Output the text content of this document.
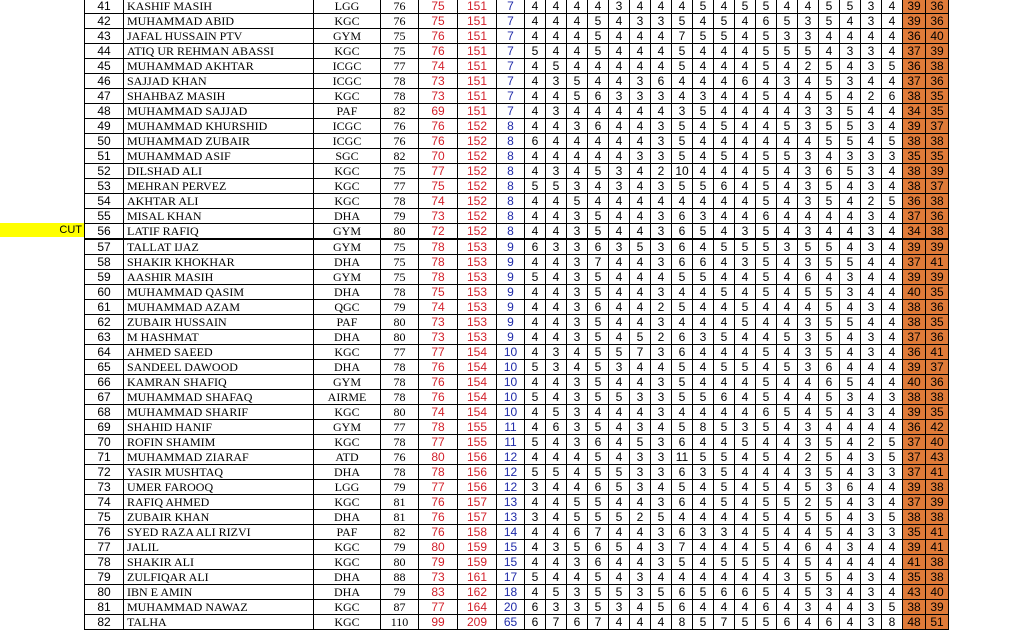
CUT
41	KASHIF MASIH	LGG	76	75	151	7	4	4	4	4	3	4	4	4	5	4	5	5	4	4	5	5	3	4	39	36
42	MUHAMMAD ABID	KGC	76	75	151	7	4	4	4	5	4	3	3	5	4	5	4	6	5	3	5	4	3	4	39	36
43	JAFAL HUSSAIN PTV	GYM	75	76	151	7	4	4	4	5	4	4	4	7	5	5	4	5	3	3	4	4	4	4	36	40
44	ATIQ UR REHMAN ABASSI	KGC	75	76	151	7	5	4	4	5	4	4	4	5	4	4	4	5	5	5	4	3	3	4	37	39
45	MUHAMMAD AKHTAR	ICGC	77	74	151	7	4	5	4	4	4	4	4	5	4	4	4	5	4	2	5	4	3	5	36	38
46	SAJJAD KHAN	ICGC	78	73	151	7	4	3	5	4	4	3	6	4	4	4	6	4	3	4	5	3	4	4	37	36
47	SHAHBAZ MASIH	KGC	78	73	151	7	4	4	5	6	3	3	3	4	3	4	4	5	4	4	5	4	2	6	38	35
48	MUHAMMAD SAJJAD	PAF	82	69	151	7	4	3	4	4	4	4	4	3	5	4	4	4	4	3	3	5	4	4	34	35
49	MUHAMMAD KHURSHID	ICGC	76	76	152	8	4	4	3	6	4	4	3	5	4	5	4	4	5	3	5	5	3	4	39	37
50	MUHAMMAD ZUBAIR	ICGC	76	76	152	8	6	4	4	4	4	4	3	5	4	4	4	4	4	4	5	5	4	5	38	38
51	MUHAMMAD ASIF	SGC	82	70	152	8	4	4	4	4	4	3	3	5	4	5	4	5	5	3	4	3	3	3	35	35
52	DILSHAD ALI	KGC	75	77	152	8	4	3	4	5	3	4	2	10	4	4	4	5	4	3	6	5	3	4	38	39
53	MEHRAN PERVEZ	KGC	77	75	152	8	5	5	3	4	3	4	3	5	5	6	4	5	4	3	5	4	3	4	38	37
54	AKHTAR ALI	KGC	78	74	152	8	4	4	5	4	4	4	4	4	4	4	4	5	4	3	5	4	2	5	36	38
55	MISAL KHAN	DHA	79	73	152	8	4	4	3	5	4	4	3	6	3	4	4	6	4	4	4	4	3	4	37	36
56	LATIF RAFIQ	GYM	80	72	152	8	4	4	3	5	4	4	3	6	5	4	3	5	4	3	4	4	3	4	34	38
57	TALLAT IJAZ	GYM	75	78	153	9	6	3	3	6	3	5	3	6	4	5	5	5	3	5	5	4	3	4	39	39
58	SHAKIR KHOKHAR	DHA	75	78	153	9	4	4	3	7	4	4	3	6	6	4	3	5	4	3	5	5	4	4	37	41
59	AASHIR MASIH	GYM	75	78	153	9	5	4	3	5	4	4	4	5	5	4	4	5	4	6	4	3	4	4	39	39
60	MUHAMMAD QASIM	DHA	78	75	153	9	4	4	3	5	4	4	3	4	4	5	4	5	4	5	5	3	4	4	40	35
61	MUHAMMAD AZAM	QGC	79	74	153	9	4	4	3	6	4	4	2	5	4	4	5	4	4	4	5	4	3	4	38	36
62	ZUBAIR HUSSAIN	PAF	80	73	153	9	4	4	3	5	4	4	3	4	4	4	5	4	4	3	5	5	4	4	38	35
63	M HASHMAT	DHA	80	73	153	9	4	4	3	5	4	5	2	6	3	5	4	4	5	3	5	4	3	4	37	36
64	AHMED SAEED	KGC	77	77	154	10	4	3	4	5	5	7	3	6	4	4	4	5	4	3	5	4	3	4	36	41
65	SANDEEL DAWOOD	DHA	78	76	154	10	5	3	4	5	3	4	4	5	4	5	5	4	5	3	6	4	4	4	39	37
66	KAMRAN SHAFIQ	GYM	78	76	154	10	4	4	3	5	4	4	3	5	4	4	4	5	4	4	6	5	4	4	40	36
67	MUHAMMAD SHAFAQ	AIRME	78	76	154	10	5	4	3	5	5	3	3	5	5	6	4	5	4	4	5	3	4	3	38	38
68	MUHAMMAD SHARIF	KGC	80	74	154	10	4	5	3	4	4	4	3	4	4	4	4	6	5	4	5	4	3	4	39	35
69	SHAHID HANIF	GYM	77	78	155	11	4	6	3	5	4	3	4	5	8	5	3	5	4	3	4	4	4	4	36	42
70	ROFIN SHAMIM	KGC	78	77	155	11	5	4	3	6	4	5	3	6	4	4	5	4	4	3	5	4	2	5	37	40
71	MUHAMMAD ZIARAF	ATD	76	80	156	12	4	4	4	5	4	3	3	11	5	5	4	5	4	2	5	4	3	5	37	43
72	YASIR MUSHTAQ	DHA	78	78	156	12	5	5	4	5	5	3	3	6	3	5	4	4	4	3	5	4	3	3	37	41
73	UMER FAROOQ	LGG	79	77	156	12	3	4	4	6	5	3	4	5	4	5	4	5	4	5	3	6	4	4	39	38
74	RAFIQ AHMED	KGC	81	76	157	13	4	4	5	5	4	4	3	6	4	5	4	5	5	2	5	4	3	4	37	39
75	ZUBAIR KHAN	DHA	81	76	157	13	3	4	5	5	5	2	5	4	4	4	4	5	4	5	5	4	3	5	38	38
76	SYED RAZA ALI RIZVI	PAF	82	76	158	14	4	4	6	7	4	4	3	6	3	3	4	5	4	4	5	4	3	3	35	41
77	JALIL	KGC	79	80	159	15	4	3	5	6	5	4	3	7	4	4	4	5	4	6	4	3	4	4	39	41
78	SHAKIR ALI	KGC	80	79	159	15	4	4	3	6	4	4	3	5	4	5	5	5	4	5	4	4	4	4	41	38
79	ZULFIQAR ALI	DHA	88	73	161	17	5	4	4	5	4	3	4	4	4	4	4	4	3	5	5	4	3	4	35	38
80	IBN E AMIN	DHA	79	83	162	18	4	5	3	5	5	3	5	6	5	6	6	5	4	5	3	4	3	4	43	40
81	MUHAMMAD NAWAZ	KGC	87	77	164	20	6	3	3	5	3	4	5	6	4	4	4	6	4	3	4	4	3	5	38	39
82	TALHA	KGC	110	99	209	65	6	7	6	7	4	4	4	8	5	7	5	5	6	4	6	4	3	8	48	51
